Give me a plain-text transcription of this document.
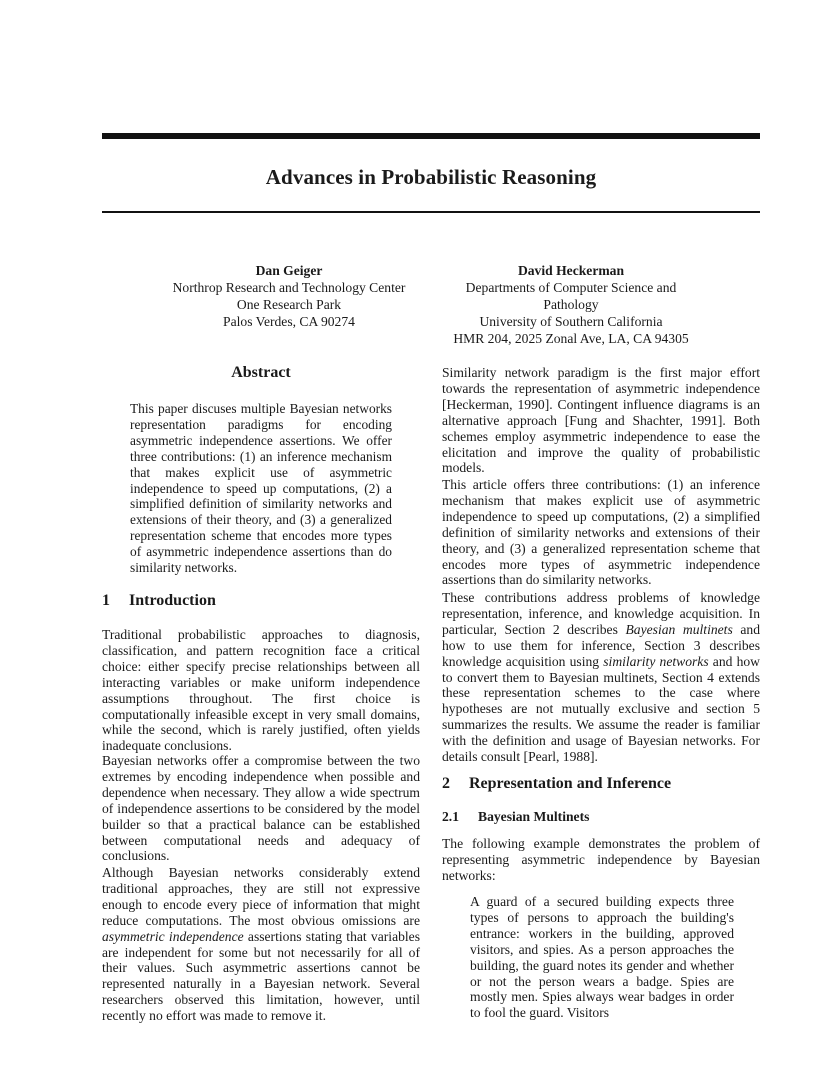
Advances in Probabilistic Reasoning
Dan Geiger
Northrop Research and Technology Center
One Research Park
Palos Verdes, CA 90274
David Heckerman
Departments of Computer Science and Pathology
University of Southern California
HMR 204, 2025 Zonal Ave, LA, CA 94305
Abstract
This paper discuses multiple Bayesian networks representation paradigms for encoding asymmetric independence assertions. We offer three contributions: (1) an inference mechanism that makes explicit use of asymmetric independence to speed up computations, (2) a simplified definition of similarity networks and extensions of their theory, and (3) a generalized representation scheme that encodes more types of asymmetric independence assertions than do similarity networks.
1 Introduction

Traditional probabilistic approaches to diagnosis, classification, and pattern recognition face a critical choice: either specify precise relationships between all interacting variables or make uniform independence assumptions throughout. The first choice is computationally infeasible except in very small domains, while the second, which is rarely justified, often yields inadequate conclusions.

Bayesian networks offer a compromise between the two extremes by encoding independence when possible and dependence when necessary. They allow a wide spectrum of independence assertions to be considered by the model builder so that a practical balance can be established between computational needs and adequacy of conclusions.

Although Bayesian networks considerably extend traditional approaches, they are still not expressive enough to encode every piece of information that might reduce computations. The most obvious omissions are asymmetric independence assertions stating that variables are independent for some but not necessarily for all of their values. Such asymmetric assertions cannot be represented naturally in a Bayesian network. Several researchers observed this limitation, however, until recently no effort was made to remove it.

Similarity network paradigm is the first major effort towards the representation of asymmetric independence [Heckerman, 1990]. Contingent influence diagrams is an alternative approach [Fung and Shachter, 1991]. Both schemes employ asymmetric independence to ease the elicitation and improve the quality of probabilistic models.

This article offers three contributions: (1) an inference mechanism that makes explicit use of asymmetric independence to speed up computations, (2) a simplified definition of similarity networks and extensions of their theory, and (3) a generalized representation scheme that encodes more types of asymmetric independence assertions than do similarity networks.

These contributions address problems of knowledge representation, inference, and knowledge acquisition. In particular, Section 2 describes Bayesian multinets and how to use them for inference, Section 3 describes knowledge acquisition using similarity networks and how to convert them to Bayesian multinets, Section 4 extends these representation schemes to the case where hypotheses are not mutually exclusive and section 5 summarizes the results. We assume the reader is familiar with the definition and usage of Bayesian networks. For details consult [Pearl, 1988].

2 Representation and Inference
2.1 Bayesian Multinets

The following example demonstrates the problem of representing asymmetric independence by Bayesian networks:

A guard of a secured building expects three types of persons to approach the building's entrance: workers in the building, approved visitors, and spies. As a person approaches the building, the guard notes its gender and whether or not the person wears a badge. Spies are mostly men. Spies always wear badges in order to fool the guard. Visitors
